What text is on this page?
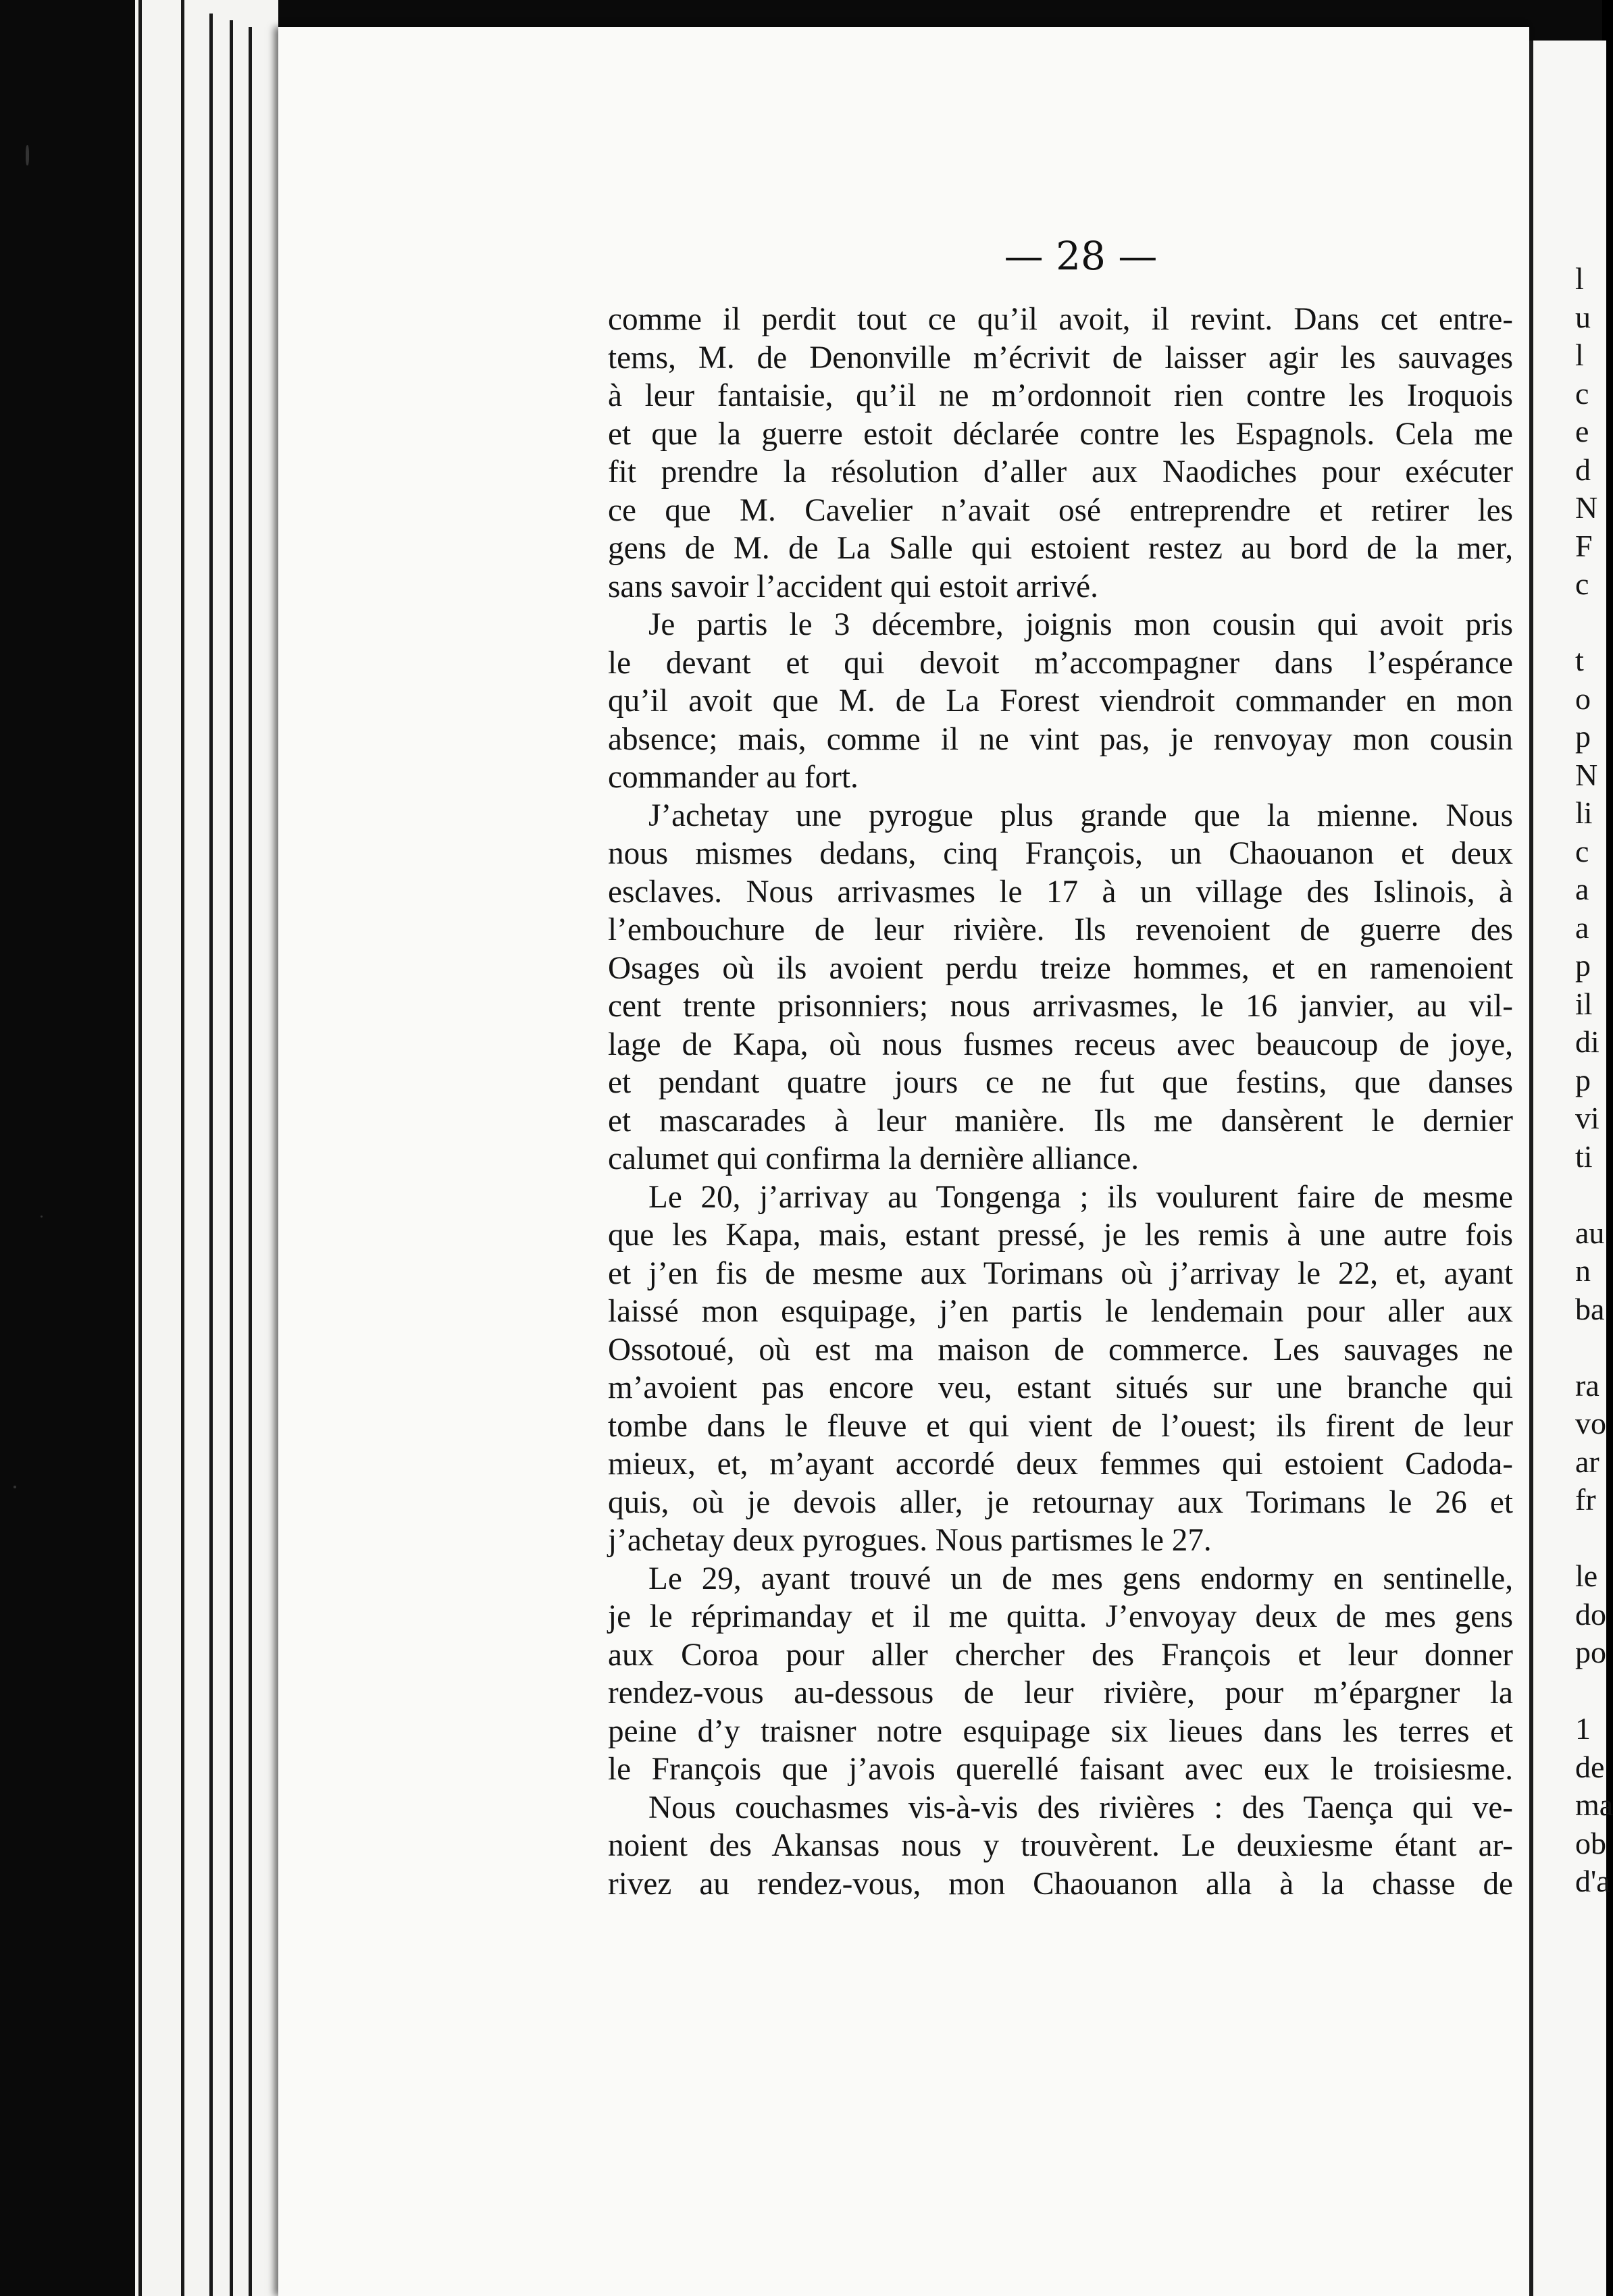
— 28 —
comme il perdit tout ce qu’il avoit, il revint. Dans cet entre-
tems, M. de Denonville m’écrivit de laisser agir les sauvages
à leur fantaisie, qu’il ne m’ordonnoit rien contre les Iroquois
et que la guerre estoit déclarée contre les Espagnols. Cela me
fit prendre la résolution d’aller aux Naodiches pour exécuter
ce que M. Cavelier n’avait osé entreprendre et retirer les
gens de M. de La Salle qui estoient restez au bord de la mer,
sans savoir l’accident qui estoit arrivé.
Je partis le 3 décembre, joignis mon cousin qui avoit pris
le devant et qui devoit m’accompagner dans l’espérance
qu’il avoit que M. de La Forest viendroit commander en mon
absence; mais, comme il ne vint pas, je renvoyay mon cousin
commander au fort.
J’achetay une pyrogue plus grande que la mienne. Nous
nous mismes dedans, cinq François, un Chaouanon et deux
esclaves. Nous arrivasmes le 17 à un village des Islinois, à
l’embouchure de leur rivière. Ils revenoient de guerre des
Osages où ils avoient perdu treize hommes, et en ramenoient
cent trente prisonniers; nous arrivasmes, le 16 janvier, au vil-
lage de Kapa, où nous fusmes receus avec beaucoup de joye,
et pendant quatre jours ce ne fut que festins, que danses
et mascarades à leur manière. Ils me dansèrent le dernier
calumet qui confirma la dernière alliance.
Le 20, j’arrivay au Tongenga ; ils voulurent faire de mesme
que les Kapa, mais, estant pressé, je les remis à une autre fois
et j’en fis de mesme aux Torimans où j’arrivay le 22, et, ayant
laissé mon esquipage, j’en partis le lendemain pour aller aux
Ossotoué, où est ma maison de commerce. Les sauvages ne
m’avoient pas encore veu, estant situés sur une branche qui
tombe dans le fleuve et qui vient de l’ouest; ils firent de leur
mieux, et, m’ayant accordé deux femmes qui estoient Cadoda-
quis, où je devois aller, je retournay aux Torimans le 26 et
j’achetay deux pyrogues. Nous partismes le 27.
Le 29, ayant trouvé un de mes gens endormy en sentinelle,
je le réprimanday et il me quitta. J’envoyay deux de mes gens
aux Coroa pour aller chercher des François et leur donner
rendez-vous au-dessous de leur rivière, pour m’épargner la
peine d’y traisner notre esquipage six lieues dans les terres et
le François que j’avois querellé faisant avec eux le troisiesme.
Nous couchasmes vis-à-vis des rivières : des Taença qui ve-
noient des Akansas nous y trouvèrent. Le deuxiesme étant ar-
rivez au rendez-vous, mon Chaouanon alla à la chasse de
l
u
l
c
e
d
N
F
c
t
o
p
N
li
c
a
a
p
il
di
p
vi
ti
au
n
ba
ra
vo
ar
fr
le
do
po
1
de
ma
ob
d'a
